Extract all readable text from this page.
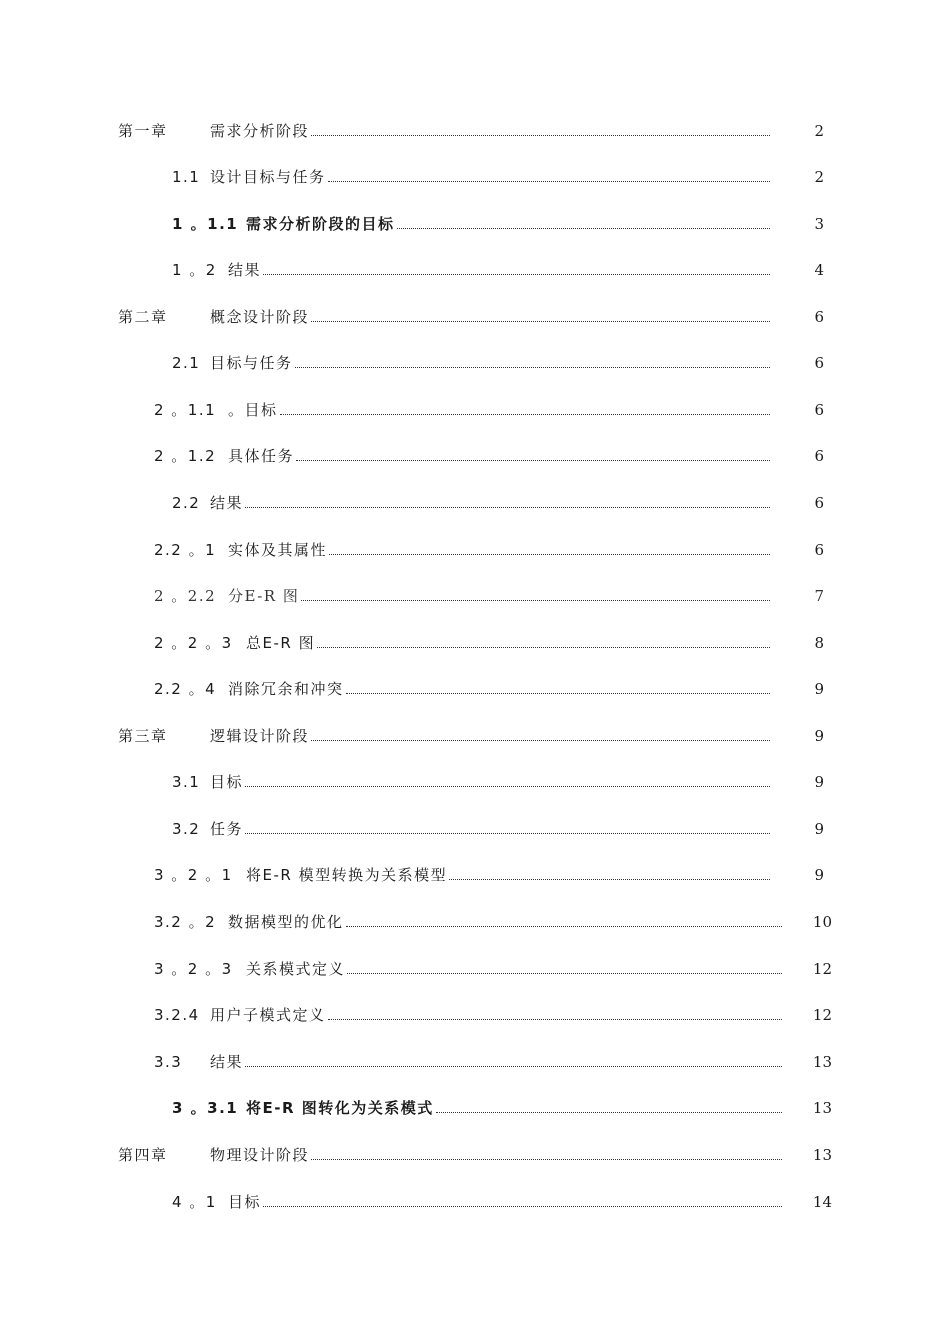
第一章	需求分析阶段	2
1.1 设计目标与任务	2
1 。1.1 需求分析阶段的目标	3
1 。2 结果	4
第二章	概念设计阶段	6
2.1 目标与任务	6
2 。1.1 。目标	6
2 。1.2 具体任务	6
2.2 结果	6
2.2 。1 实体及其属性	6
2 。2.2 分E-R 图	7
2 。2 。3 总E-R 图	8
2.2 。4 消除冗余和冲突	9
第三章	逻辑设计阶段	9
3.1 目标	9
3.2 任务	9
3 。2 。1 将E-R 模型转换为关系模型	9
3.2 。2 数据模型的优化	10
3 。2 。3 关系模式定义	12
3.2.4 用户子模式定义	12
3.3	结果	13
3 。3.1 将E-R 图转化为关系模式	13
第四章	物理设计阶段	13
4 。1 目标	14
